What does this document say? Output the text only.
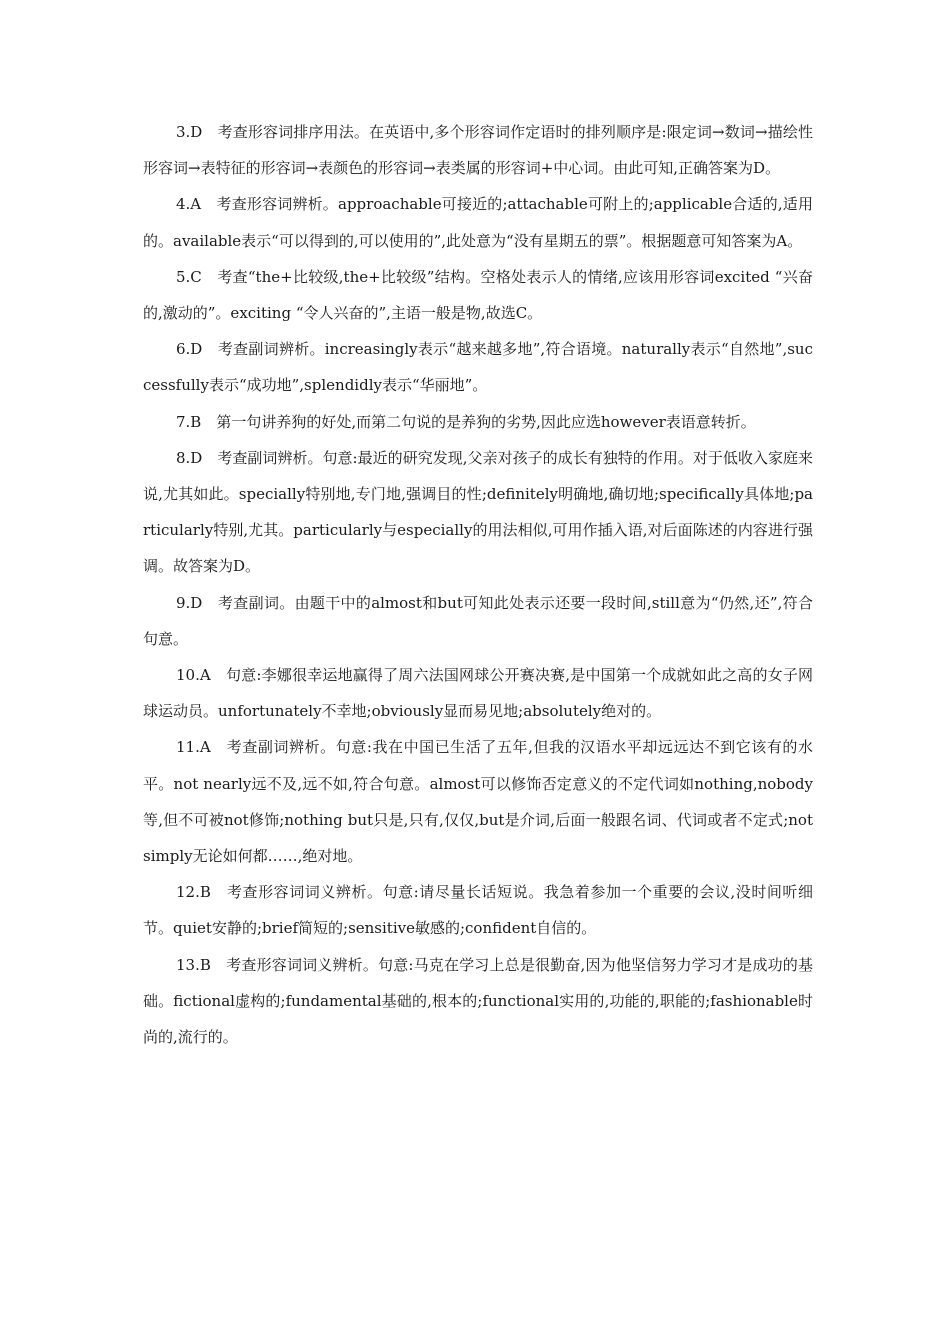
3.D　考查形容词排序用法。在英语中,多个形容词作定语时的排列顺序是:限定词→数词→描绘性形容词→表特征的形容词→表颜色的形容词→表类属的形容词+中心词。由此可知,正确答案为D。

4.A　考查形容词辨析。approachable可接近的;attachable可附上的;applicable合适的,适用的。available表示“可以得到的,可以使用的”,此处意为“没有星期五的票”。根据题意可知答案为A。

5.C　考查“the+比较级,the+比较级”结构。空格处表示人的情绪,应该用形容词excited “兴奋的,激动的”。exciting “令人兴奋的”,主语一般是物,故选C。

6.D　考查副词辨析。increasingly表示“越来越多地”,符合语境。naturally表示“自然地”,successfully表示“成功地”,splendidly表示“华丽地”。

7.B　第一句讲养狗的好处,而第二句说的是养狗的劣势,因此应选however表语意转折。

8.D　考查副词辨析。句意:最近的研究发现,父亲对孩子的成长有独特的作用。对于低收入家庭来说,尤其如此。specially特别地,专门地,强调目的性;definitely明确地,确切地;specifically具体地;particularly特别,尤其。particularly与especially的用法相似,可用作插入语,对后面陈述的内容进行强调。故答案为D。

9.D　考查副词。由题干中的almost和but可知此处表示还要一段时间,still意为“仍然,还”,符合句意。

10.A　句意:李娜很幸运地赢得了周六法国网球公开赛决赛,是中国第一个成就如此之高的女子网球运动员。unfortunately不幸地;obviously显而易见地;absolutely绝对的。

11.A　考查副词辨析。句意:我在中国已生活了五年,但我的汉语水平却远远达不到它该有的水平。not nearly远不及,远不如,符合句意。almost可以修饰否定意义的不定代词如nothing,nobody等,但不可被not修饰;nothing but只是,只有,仅仅,but是介词,后面一般跟名词、代词或者不定式;not simply无论如何都……,绝对地。

12.B　考查形容词词义辨析。句意:请尽量长话短说。我急着参加一个重要的会议,没时间听细节。quiet安静的;brief简短的;sensitive敏感的;confident自信的。

13.B　考查形容词词义辨析。句意:马克在学习上总是很勤奋,因为他坚信努力学习才是成功的基础。fictional虚构的;fundamental基础的,根本的;functional实用的,功能的,职能的;fashionable时尚的,流行的。
